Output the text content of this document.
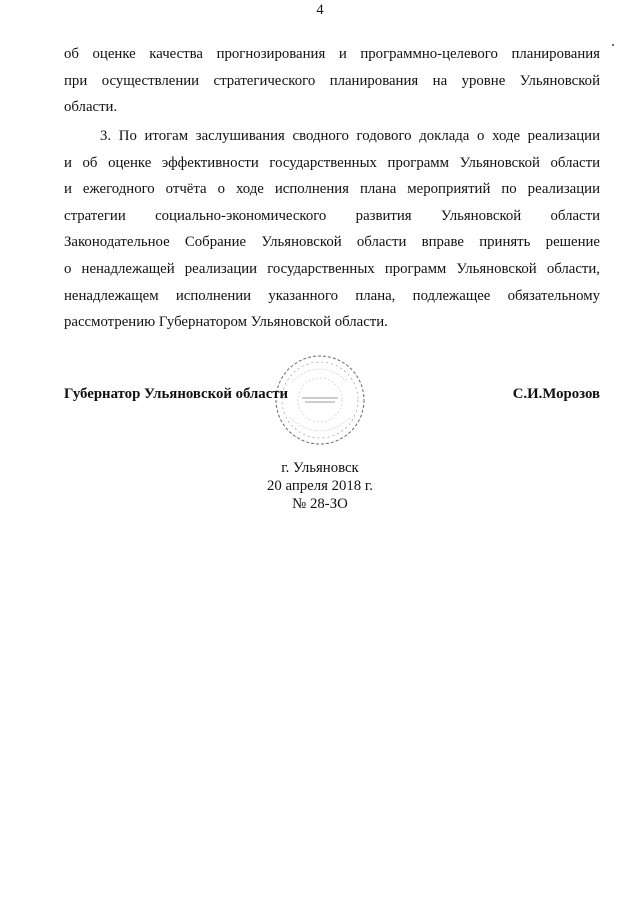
4
об оценке качества прогнозирования и программно-целевого планирования
при осуществлении стратегического планирования на уровне Ульяновской
области.
3. По итогам заслушивания сводного годового доклада о ходе реализации
и об оценке эффективности государственных программ Ульяновской области
и ежегодного отчёта о ходе исполнения плана мероприятий по реализации
стратегии социально-экономического развития Ульяновской области
Законодательное Собрание Ульяновской области вправе принять решение
о ненадлежащей реализации государственных программ Ульяновской области,
ненадлежащем исполнении указанного плана, подлежащее обязательному
рассмотрению Губернатором Ульяновской области.
Губернатор Ульяновской области	С.И.Морозов
г. Ульяновск
20 апреля 2018 г.
№ 28-ЗО
